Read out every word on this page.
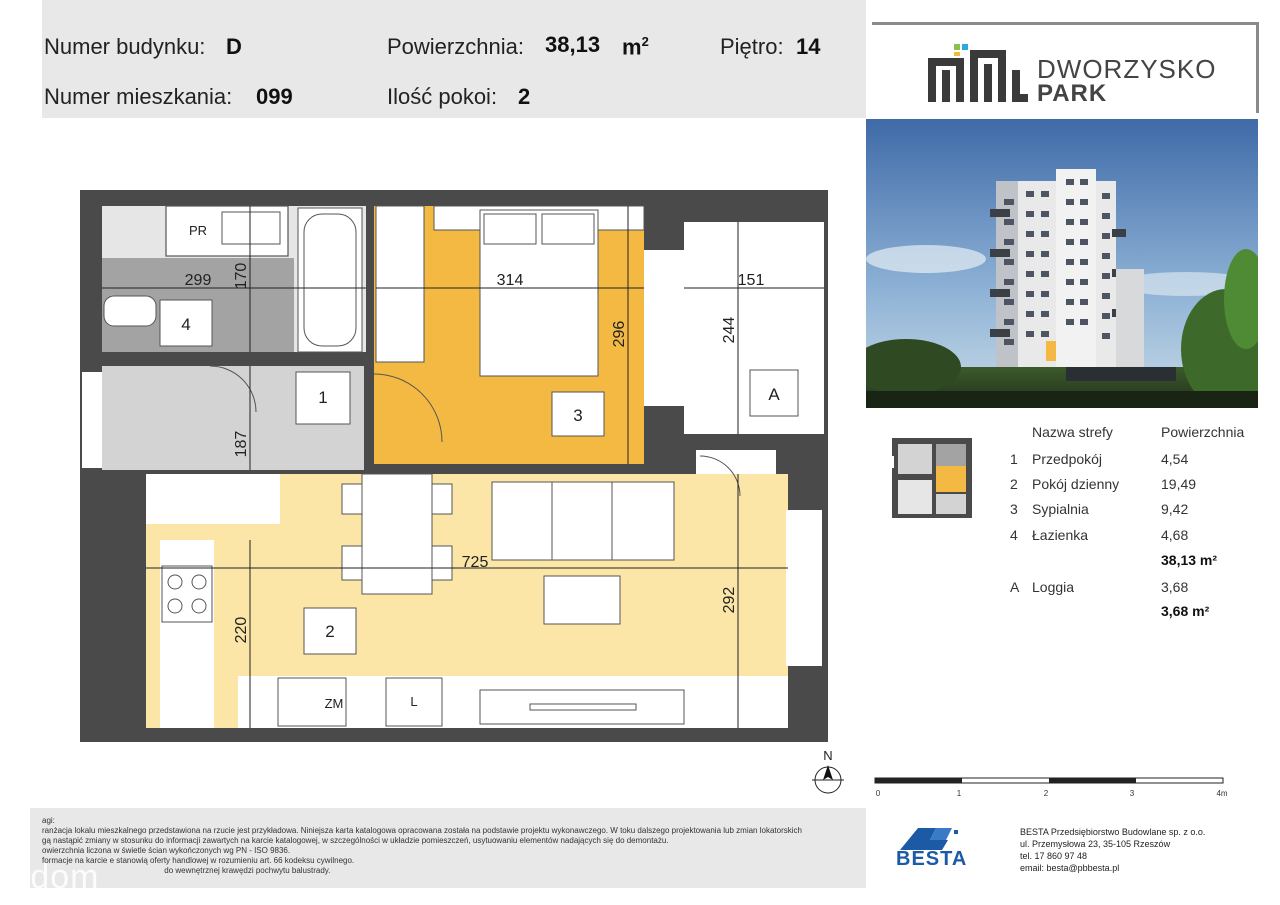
Numer budynku: D
Numer mieszkania: 099
Powierzchnia: 38,13 $m^2$
Ilość pokoi: 2
Piętro: 14
DWORZYSKO
PARK
1
2
3
4
A
PR
ZM	L
299 170	314
296
151
244
187
725
292
220
N
Nazwa strefy	Powierzchnia
1 Przedpokój	4,54
2 Pokój dzienny	19,49
3 Sypialnia	9,42
4 Łazienka	4,68
38,13 m²
A Loggia	3,68
3,68 m²
0	1	2	3	4m
agi:
ranżacja lokalu mieszkalnego przedstawiona na rzucie jest przykładowa. Niniejsza karta katalogowa opracowana została na podstawie projektu wykonawczego. W toku dalszego projektowania lub zmian lokatorskich
gą nastąpić zmiany w stosunku do informacji zawartych na karcie katalogowej, w szczególności w układzie pomieszczeń, usytuowaniu elementów nadających się do demontażu.
owierzchnia liczona w świetle ścian wykończonych wg PN - ISO 9836.
formacje na karcie e stanowią oferty handlowej w rozumieniu art. 66 kodeksu cywilnego.
do wewnętrznej krawędzi pochwytu balustrady.
todom	BESTA
BESTA Przedsiębiorstwo Budowlane sp. z o.o.
ul. Przemysłowa 23, 35-105 Rzeszów
tel. 17 860 97 48
email: besta@pbbesta.pl
